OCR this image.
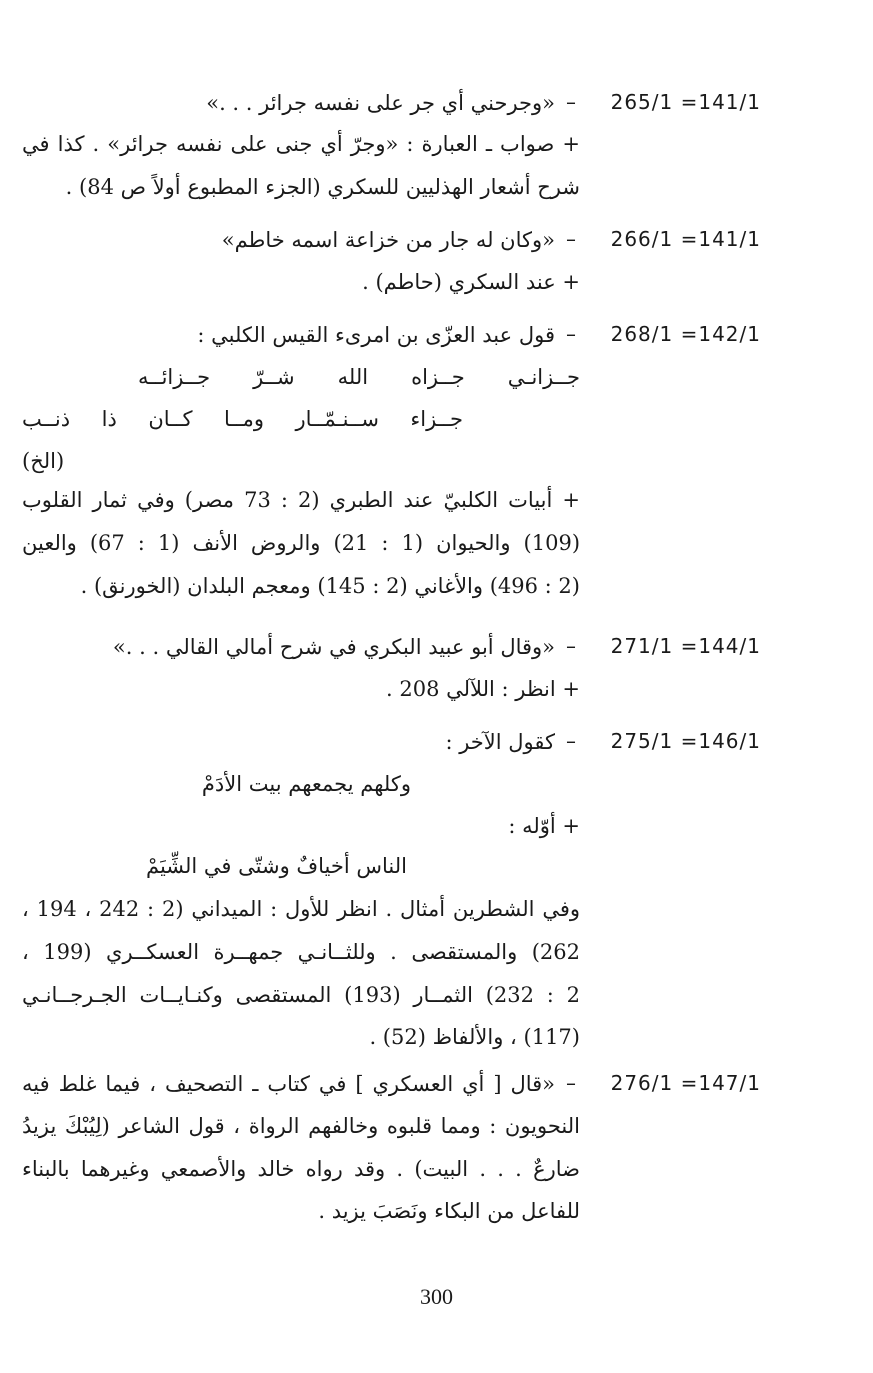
265/1 =141/1
–
«وجرحني أي جر على نفسه جرائر . . .»
+ صواب ـ العبارة : «وجرّ أي جنى على نفسه جرائر» . كذا في
شرح أشعار الهذليين للسكري (الجزء المطبوع أولاً ص 84) .
266/1 =141/1
–
«وكان له جار من خزاعة اسمه خاطم»
+ عند السكري (حاطم) .
268/1 =142/1
–
قول عبد العزّى بن امرىء القيس الكلبي :
جــزانـي جــزاه الله شــرّ جــزائــه
جــزاء ســنـمّــار ومــا كــان ذا ذنــب
(الخ)
+ أبيات الكلبيّ عند الطبري (2 : 73 مصر) وفي ثمار القلوب
(109) والحيوان (1 : 21) والروض الأنف (1 : 67) والعين
(2 : 496) والأغاني (2 : 145) ومعجم البلدان (الخورنق) .
271/1 =144/1
–
«وقال أبو عبيد البكري في شرح أمالي القالي . . .»
+ انظر : اللآلي 208 .
275/1 =146/1
–
كقول الآخر :
وكلهم يجمعهم بيت الأدَمْ
+ أوّله :
الناس أخيافٌ وشتّى في الشِّيَمْ
وفي الشطرين أمثال . انظر للأول : الميداني (2 : 242 ، 194 ،
262) والمستقصى . وللثــانـي جمهــرة العسكــري (199 ،
2 : 232) الثمــار (193) المستقصى وكنـايــات الجـرجــانـي
(117) ، والألفاظ (52) .
276/1 =147/1
–
«قال [ أي العسكري ] في كتاب ـ التصحيف ، فيما غلط فيه
النحويون : ومما قلبوه وخالفهم الرواة ، قول الشاعر (لِيُبْكَ يزيدُ
ضارعٌ . . . البيت) . وقد رواه خالد والأصمعي وغيرهما بالبناء
للفاعل من البكاء ونَصَبَ يزيد .
300
